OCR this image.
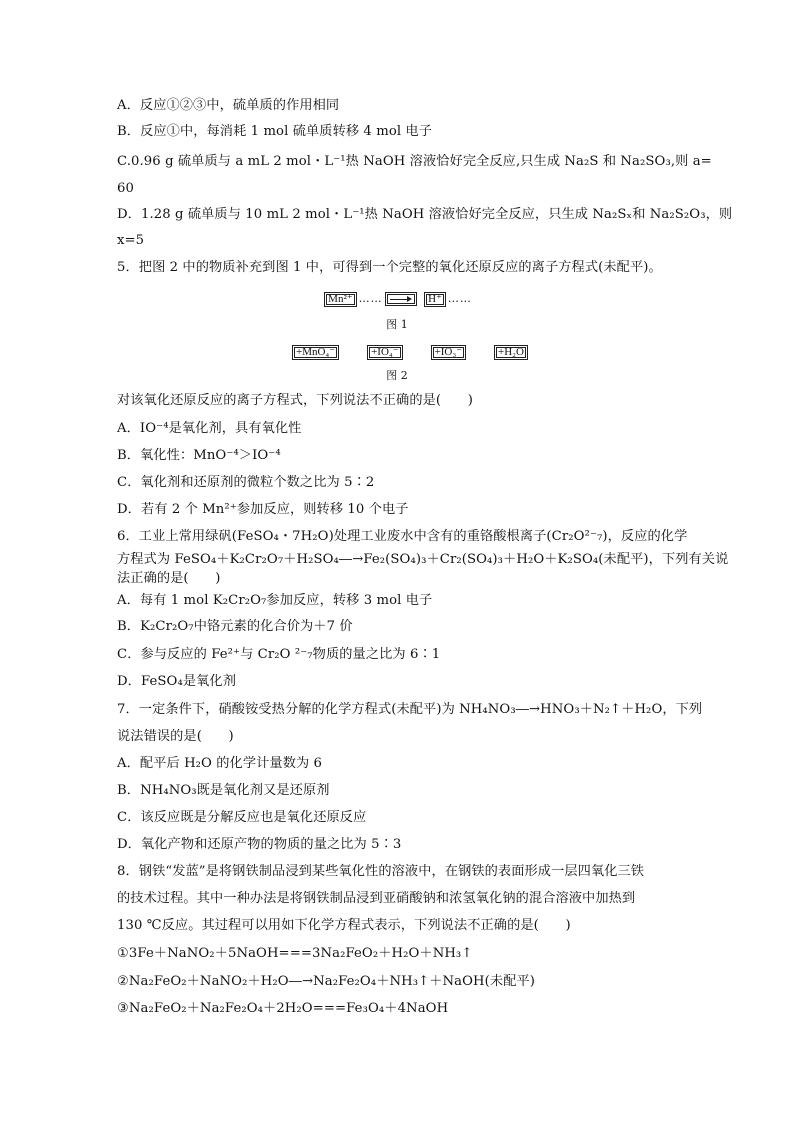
A．反应①②③中，硫单质的作用相同
B．反应①中，每消耗 1 mol 硫单质转移 4 mol 电子
C.0.96 g 硫单质与 a mL 2 mol・L⁻¹热 NaOH 溶液恰好完全反应,只生成 Na₂S 和 Na₂SO₃,则 a=
60
D．1.28 g 硫单质与 10 mL 2 mol・L⁻¹热 NaOH 溶液恰好完全反应，只生成 Na₂Sₓ和 Na₂S₂O₃，则
x=5
5．把图 2 中的物质补充到图 1 中，可得到一个完整的氧化还原反应的离子方程式(未配平)。
Mn²⁺ ……	H⁺ ……
图 1
+MnO₄⁻	+IO₄⁻	+IO₃⁻	+H₂O
图 2
对该氧化还原反应的离子方程式，下列说法不正确的是(　　)
A．IO⁻⁴是氧化剂，具有氧化性
B．氧化性：MnO⁻⁴＞IO⁻⁴
C．氧化剂和还原剂的微粒个数之比为 5∶2
D．若有 2 个 Mn²⁺参加反应，则转移 10 个电子
6．工业上常用绿矾(FeSO₄・7H₂O)处理工业废水中含有的重铬酸根离子(Cr₂O²⁻₇)，反应的化学
方程式为 FeSO₄＋K₂Cr₂O₇＋H₂SO₄―→Fe₂(SO₄)₃＋Cr₂(SO₄)₃＋H₂O＋K₂SO₄(未配平)，下列有关说
法正确的是(　　)
A．每有 1 mol K₂Cr₂O₇参加反应，转移 3 mol 电子
B．K₂Cr₂O₇中铬元素的化合价为＋7 价
C．参与反应的 Fe²⁺与 Cr₂O ²⁻₇物质的量之比为 6∶1
D．FeSO₄是氧化剂
7．一定条件下，硝酸铵受热分解的化学方程式(未配平)为 NH₄NO₃―→HNO₃＋N₂↑＋H₂O，下列
说法错误的是(　　)
A．配平后 H₂O 的化学计量数为 6
B．NH₄NO₃既是氧化剂又是还原剂
C．该反应既是分解反应也是氧化还原反应
D．氧化产物和还原产物的物质的量之比为 5∶3
8．钢铁“发蓝”是将钢铁制品浸到某些氧化性的溶液中，在钢铁的表面形成一层四氧化三铁
的技术过程。其中一种办法是将钢铁制品浸到亚硝酸钠和浓氢氧化钠的混合溶液中加热到
130 ℃反应。其过程可以用如下化学方程式表示，下列说法不正确的是(　　)
①3Fe＋NaNO₂＋5NaOH===3Na₂FeO₂＋H₂O＋NH₃↑
②Na₂FeO₂＋NaNO₂＋H₂O―→Na₂Fe₂O₄＋NH₃↑＋NaOH(未配平)
③Na₂FeO₂＋Na₂Fe₂O₄＋2H₂O===Fe₃O₄＋4NaOH
